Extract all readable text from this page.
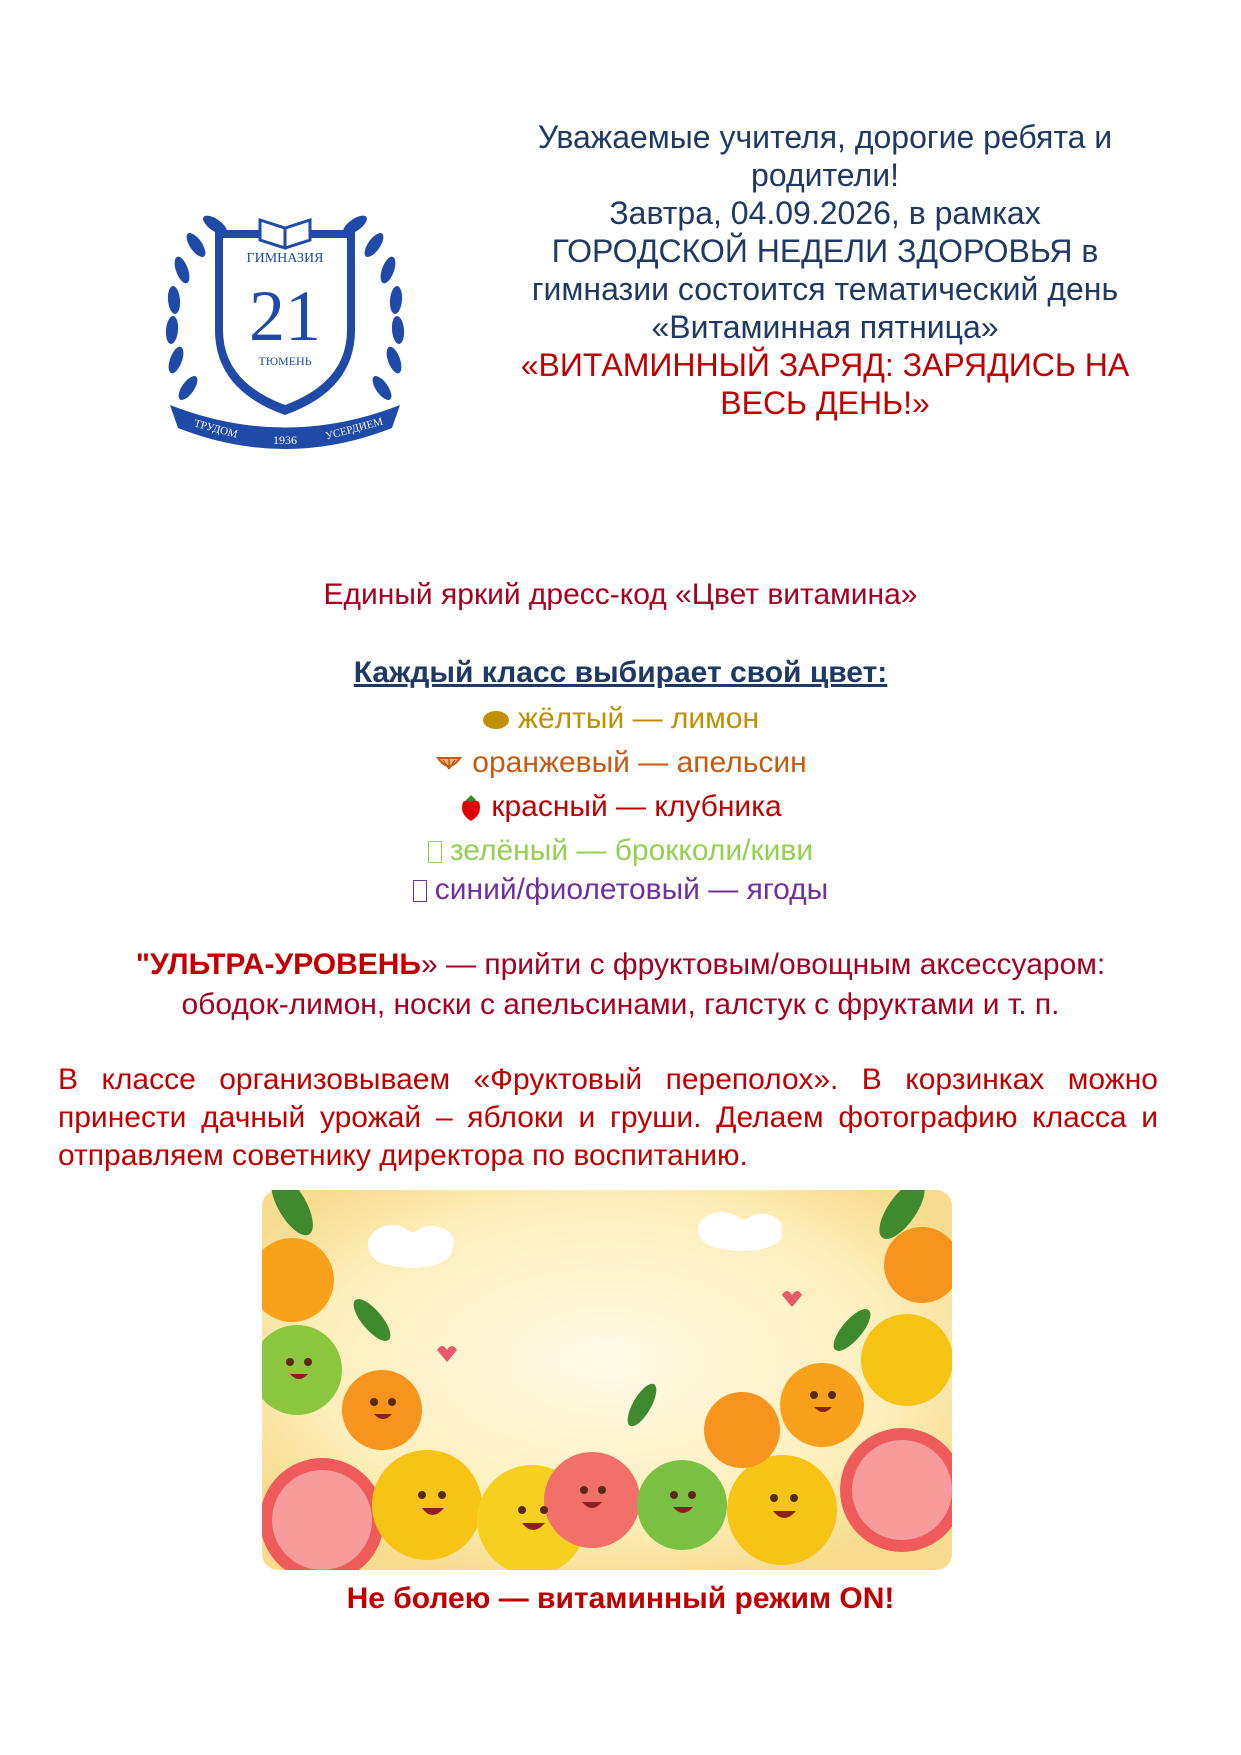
ГИМНАЗИЯ
21
ТЮМЕНЬ
ТРУДОМ	1936 УСЕРДИЕМ
Уважаемые учителя, дорогие ребята и
родители!
Завтра, 04.09.2026, в рамках
ГОРОДСКОЙ НЕДЕЛИ ЗДОРОВЬЯ в
гимназии состоится тематический день
«Витаминная пятница»
«ВИТАМИННЫЙ ЗАРЯД: ЗАРЯДИСЬ НА
ВЕСЬ ДЕНЬ!»
Единый яркий дресс-код «Цвет витамина»
Каждый класс выбирает свой цвет:
жёлтый — лимон
оранжевый — апельсин
красный — клубника
зелёный — брокколи/киви
синий/фиолетовый — ягоды
"УЛЬТРА-УРОВЕНЬ» — прийти с фруктовым/овощным аксессуаром:
ободок-лимон, носки с апельсинами, галстук с фруктами и т. п.
В классе организовываем «Фруктовый переполох». В корзинках можно принести дачный урожай – яблоки и груши. Делаем фотографию класса и отправляем советнику директора по воспитанию.
Не болею — витаминный режим ON!
